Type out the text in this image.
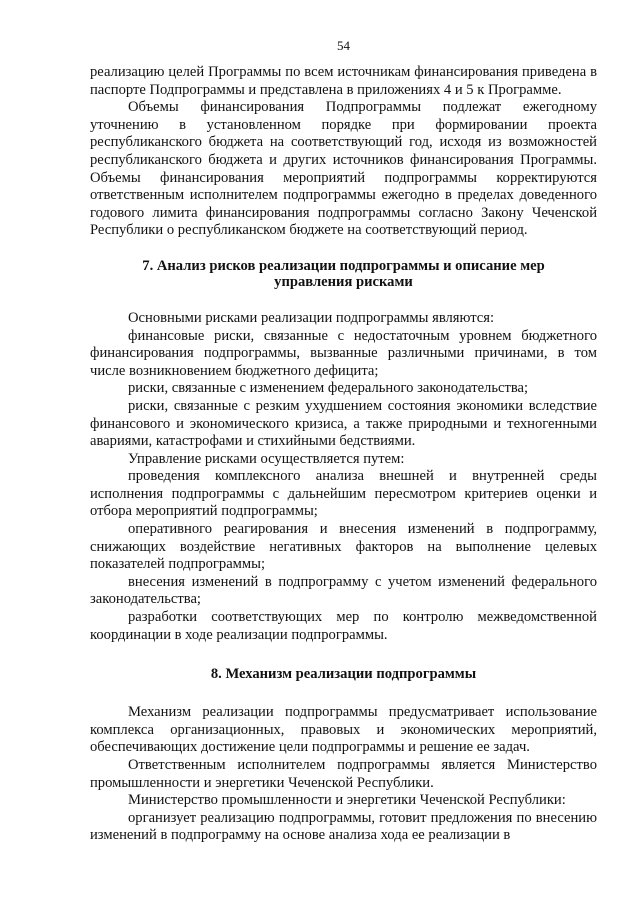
54

реализацию целей Программы по всем источникам финансирования приведена в паспорте Подпрограммы и представлена в приложениях 4 и 5 к Программе.

Объемы финансирования Подпрограммы подлежат ежегодному уточнению в установленном порядке при формировании проекта республиканского бюджета на соответствующий год, исходя из возможностей республиканского бюджета и других источников финансирования Программы. Объемы финансирования мероприятий подпрограммы корректируются ответственным исполнителем подпрограммы ежегодно в пределах доведенного годового лимита финансирования подпрограммы согласно Закону Чеченской Республики о республиканском бюджете на соответствующий период.

7. Анализ рисков реализации подпрограммы и описание мер управления рисками

Основными рисками реализации подпрограммы являются:

финансовые риски, связанные с недостаточным уровнем бюджетного финансирования подпрограммы, вызванные различными причинами, в том числе возникновением бюджетного дефицита;

риски, связанные с изменением федерального законодательства;

риски, связанные с резким ухудшением состояния экономики вследствие финансового и экономического кризиса, а также природными и техногенными авариями, катастрофами и стихийными бедствиями.

Управление рисками осуществляется путем:

проведения комплексного анализа внешней и внутренней среды исполнения подпрограммы с дальнейшим пересмотром критериев оценки и отбора мероприятий подпрограммы;

оперативного реагирования и внесения изменений в подпрограмму, снижающих воздействие негативных факторов на выполнение целевых показателей подпрограммы;

внесения изменений в подпрограмму с учетом изменений федерального законодательства;

разработки соответствующих мер по контролю межведомственной координации в ходе реализации подпрограммы.

8. Механизм реализации подпрограммы

Механизм реализации подпрограммы предусматривает использование комплекса организационных, правовых и экономических мероприятий, обеспечивающих достижение цели подпрограммы и решение ее задач.

Ответственным исполнителем подпрограммы является Министерство промышленности и энергетики Чеченской Республики.

Министерство промышленности и энергетики Чеченской Республики:

организует реализацию подпрограммы, готовит предложения по внесению изменений в подпрограмму на основе анализа хода ее реализации в
